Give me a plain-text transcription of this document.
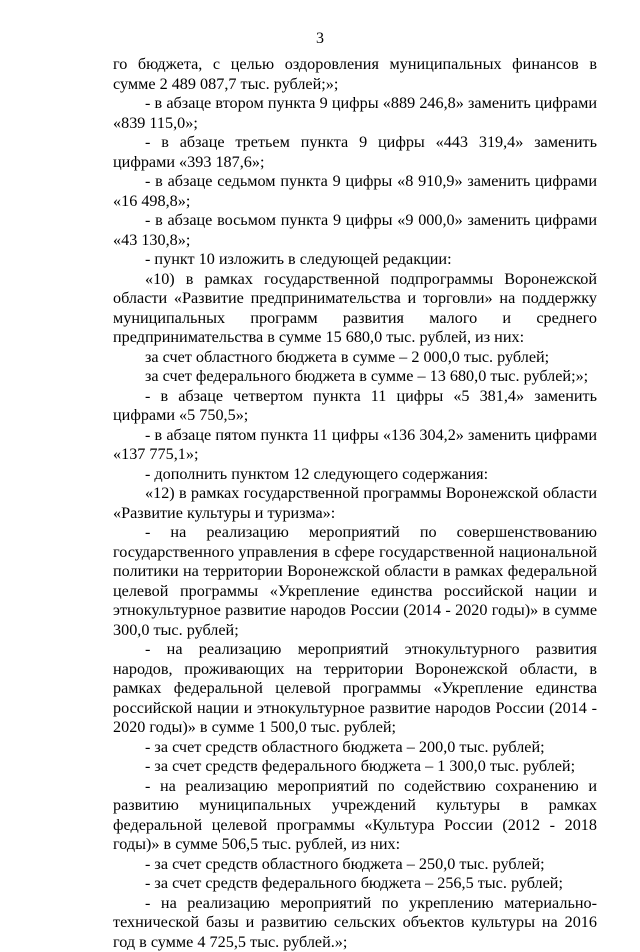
3

го бюджета, с целью оздоровления муниципальных финансов в сумме 2 489 087,7 тыс. рублей;»;

- в абзаце втором пункта 9 цифры «889 246,8» заменить цифрами «839 115,0»;

- в абзаце третьем пункта 9 цифры «443 319,4» заменить цифрами «393 187,6»;

- в абзаце седьмом пункта 9 цифры «8 910,9» заменить цифрами «16 498,8»;

- в абзаце восьмом пункта 9 цифры «9 000,0» заменить цифрами «43 130,8»;

- пункт 10 изложить в следующей редакции:

«10) в рамках государственной подпрограммы Воронежской области «Развитие предпринимательства и торговли» на поддержку муниципальных программ развития малого и среднего предпринимательства в сумме 15 680,0 тыс. рублей, из них:

за счет областного бюджета в сумме – 2 000,0 тыс. рублей;

за счет федерального бюджета в сумме – 13 680,0 тыс. рублей;»;

- в абзаце четвертом пункта 11 цифры «5 381,4» заменить цифрами «5 750,5»;

- в абзаце пятом пункта 11 цифры «136 304,2» заменить цифрами «137 775,1»;

- дополнить пунктом 12 следующего содержания:

«12) в рамках государственной программы Воронежской области «Развитие культуры и туризма»:

- на реализацию мероприятий по совершенствованию государственного управления в сфере государственной национальной политики на территории Воронежской области в рамках федеральной целевой программы «Укрепление единства российской нации и этнокультурное развитие народов России (2014 - 2020 годы)» в сумме 300,0 тыс. рублей;

- на реализацию мероприятий этнокультурного развития народов, проживающих на территории Воронежской области, в рамках федеральной целевой программы «Укрепление единства российской нации и этнокультурное развитие народов России (2014 - 2020 годы)» в сумме 1 500,0 тыс. рублей;

- за счет средств областного бюджета – 200,0 тыс. рублей;

- за счет средств федерального бюджета – 1 300,0 тыс. рублей;

- на реализацию мероприятий по содействию сохранению и развитию муниципальных учреждений культуры в рамках федеральной целевой программы «Культура России (2012 - 2018 годы)» в сумме 506,5 тыс. рублей, из них:

- за счет средств областного бюджета – 250,0 тыс. рублей;

- за счет средств федерального бюджета – 256,5 тыс. рублей;

- на реализацию мероприятий по укреплению материально-технической базы и развитию сельских объектов культуры на 2016 год в сумме 4 725,5 тыс. рублей.»;
